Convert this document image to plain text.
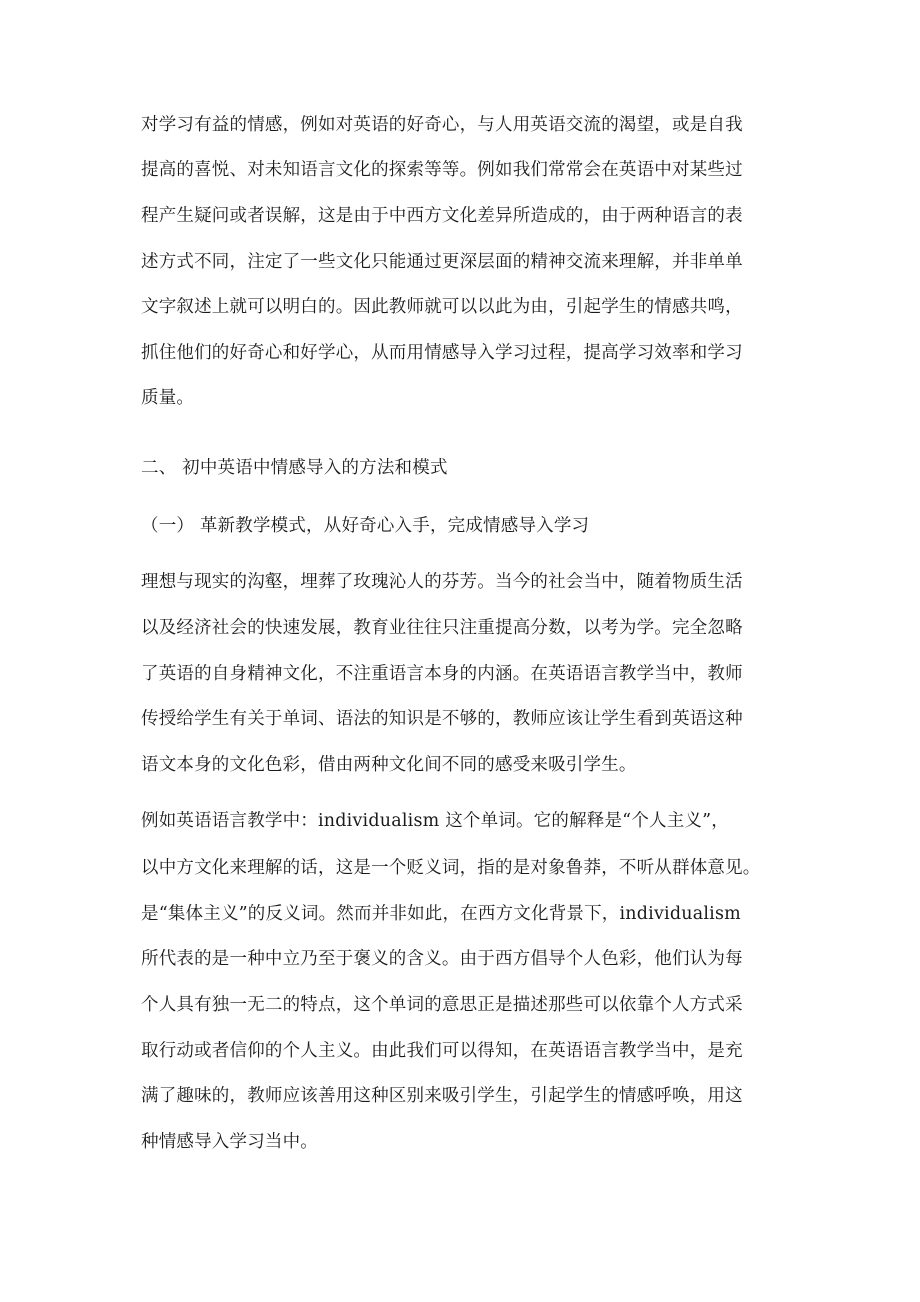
对学习有益的情感，例如对英语的好奇心，与人用英语交流的渴望，或是自我
提高的喜悦、对未知语言文化的探索等等。例如我们常常会在英语中对某些过
程产生疑问或者误解，这是由于中西方文化差异所造成的，由于两种语言的表
述方式不同，注定了一些文化只能通过更深层面的精神交流来理解，并非单单
文字叙述上就可以明白的。因此教师就可以以此为由，引起学生的情感共鸣，
抓住他们的好奇心和好学心，从而用情感导入学习过程，提高学习效率和学习
质量。
二、 初中英语中情感导入的方法和模式
（一） 革新教学模式，从好奇心入手，完成情感导入学习
理想与现实的沟壑，埋葬了玫瑰沁人的芬芳。当今的社会当中，随着物质生活
以及经济社会的快速发展，教育业往往只注重提高分数，以考为学。完全忽略
了英语的自身精神文化，不注重语言本身的内涵。在英语语言教学当中，教师
传授给学生有关于单词、语法的知识是不够的，教师应该让学生看到英语这种
语文本身的文化色彩，借由两种文化间不同的感受来吸引学生。
例如英语语言教学中：individualism 这个单词。它的解释是“个人主义”，
以中方文化来理解的话，这是一个贬义词，指的是对象鲁莽，不听从群体意见。
是“集体主义”的反义词。然而并非如此，在西方文化背景下，individualism
所代表的是一种中立乃至于褒义的含义。由于西方倡导个人色彩，他们认为每
个人具有独一无二的特点，这个单词的意思正是描述那些可以依靠个人方式采
取行动或者信仰的个人主义。由此我们可以得知，在英语语言教学当中，是充
满了趣味的，教师应该善用这种区别来吸引学生，引起学生的情感呼唤，用这
种情感导入学习当中。
